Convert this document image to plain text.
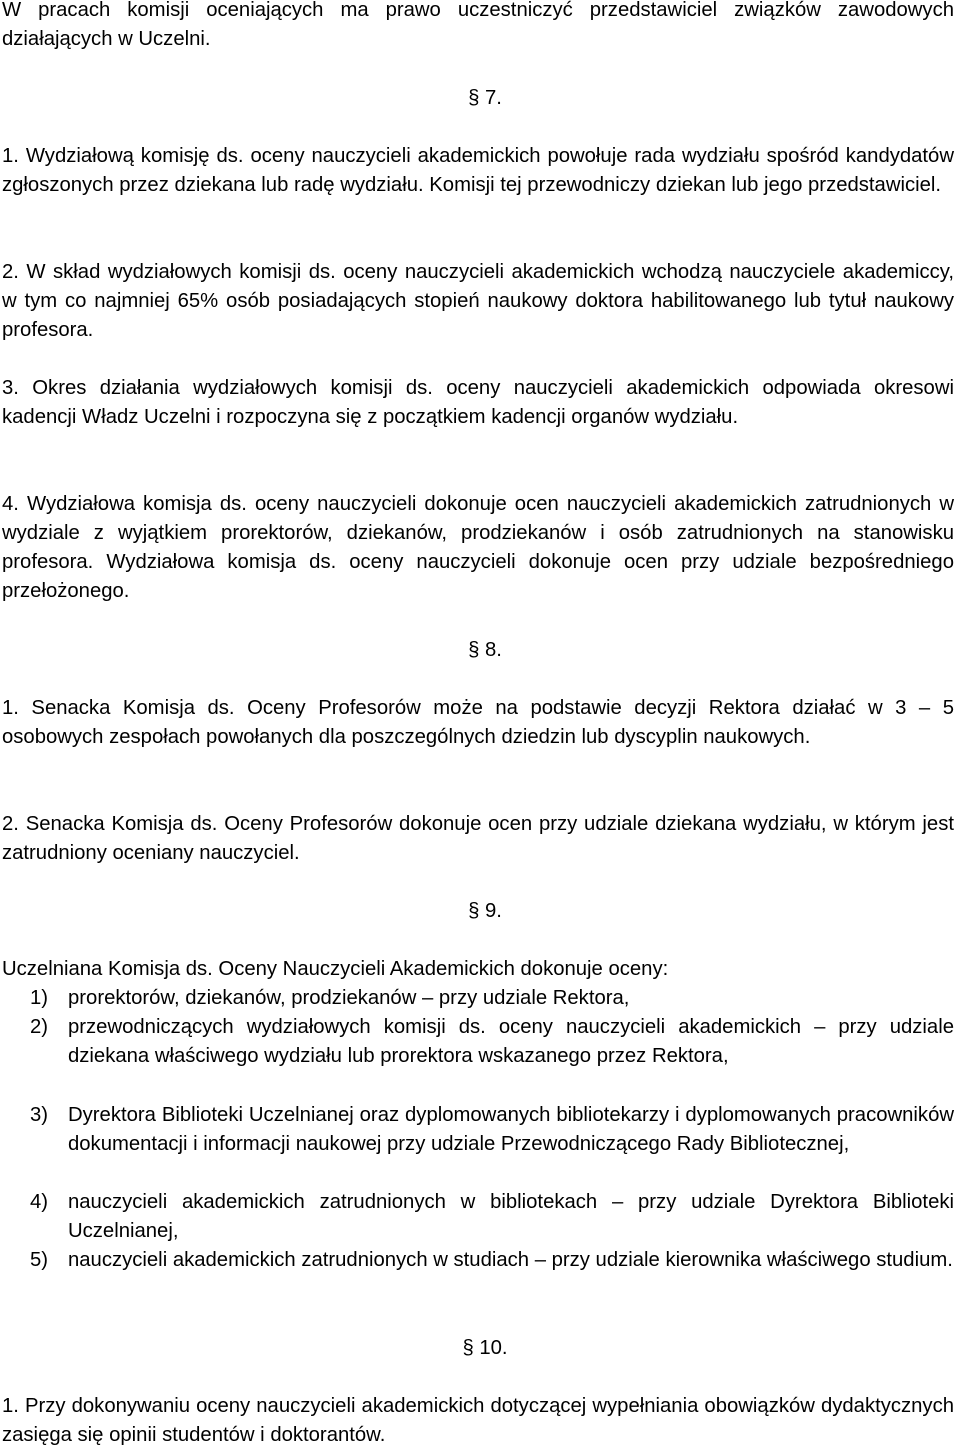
W pracach komisji oceniających ma prawo uczestniczyć przedstawiciel związków zawodowych działających w Uczelni.

§ 7.

1. Wydziałową komisję ds. oceny nauczycieli akademickich powołuje rada wydziału spośród kandydatów zgłoszonych przez dziekana lub radę wydziału. Komisji tej przewodniczy dziekan lub jego przedstawiciel.

2. W skład wydziałowych komisji ds. oceny nauczycieli akademickich wchodzą nauczyciele akademiccy, w tym co najmniej 65% osób posiadających stopień naukowy doktora habilitowanego lub tytuł naukowy profesora.

3. Okres działania wydziałowych komisji ds. oceny nauczycieli akademickich odpowiada okresowi kadencji Władz Uczelni i rozpoczyna się z początkiem kadencji organów wydziału.

4. Wydziałowa komisja ds. oceny nauczycieli dokonuje ocen nauczycieli akademickich zatrudnionych w wydziale z wyjątkiem prorektorów, dziekanów, prodziekanów i osób zatrudnionych na stanowisku profesora. Wydziałowa komisja ds. oceny nauczycieli dokonuje ocen przy udziale bezpośredniego przełożonego.

§ 8.

1. Senacka Komisja ds. Oceny Profesorów może na podstawie decyzji Rektora działać w 3 – 5 osobowych zespołach powołanych dla poszczególnych dziedzin lub dyscyplin naukowych.

2. Senacka Komisja ds. Oceny Profesorów dokonuje ocen przy udziale dziekana wydziału, w którym jest zatrudniony oceniany nauczyciel.

§ 9.

Uczelniana Komisja ds. Oceny Nauczycieli Akademickich dokonuje oceny:

1) prorektorów, dziekanów, prodziekanów – przy udziale Rektora,

2) przewodniczących wydziałowych komisji ds. oceny nauczycieli akademickich – przy udziale dziekana właściwego wydziału lub prorektora wskazanego przez Rektora,

3) Dyrektora Biblioteki Uczelnianej oraz dyplomowanych bibliotekarzy i dyplomowanych pracowników dokumentacji i informacji naukowej przy udziale Przewodniczącego Rady Bibliotecznej,

4) nauczycieli akademickich zatrudnionych w bibliotekach – przy udziale Dyrektora Biblioteki Uczelnianej,

5) nauczycieli akademickich zatrudnionych w studiach – przy udziale kierownika właściwego studium.

§ 10.

1. Przy dokonywaniu oceny nauczycieli akademickich dotyczącej wypełniania obowiązków dydaktycznych zasięga się opinii studentów i doktorantów.
